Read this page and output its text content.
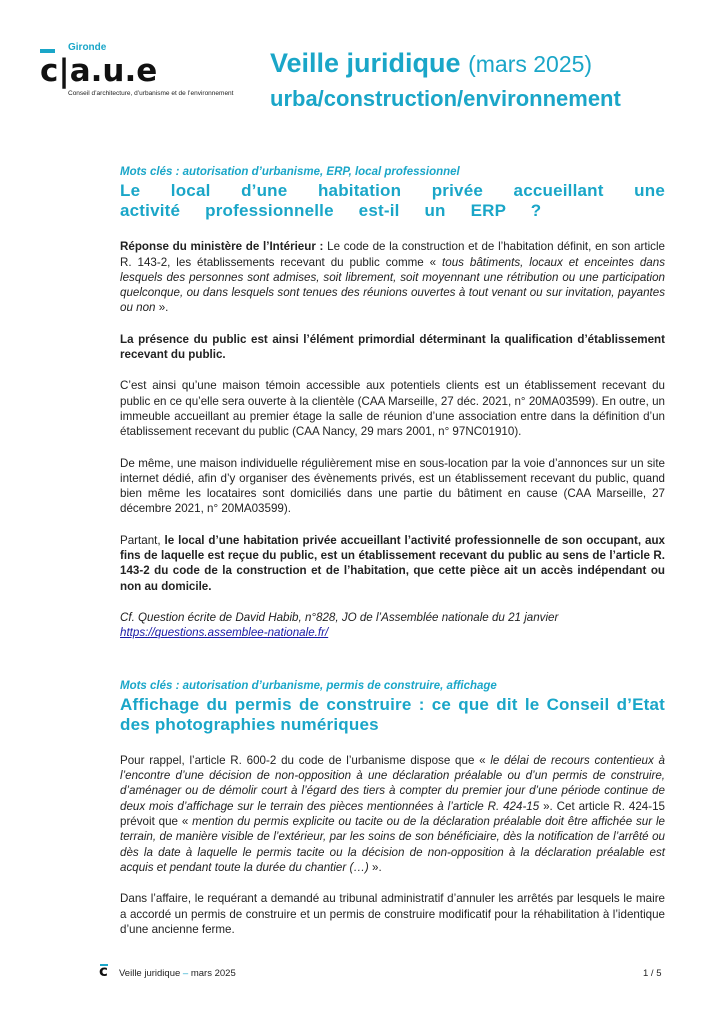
Gironde
c|a.u.e
Conseil d’architecture, d’urbanisme et de l’environnement
Veille juridique (mars 2025)
urba/construction/environnement

Mots clés : autorisation d’urbanisme, ERP, local professionnel

Le local d’une habitation privée accueillant une activité professionnelle est-il un ERP ?

Réponse du ministère de l’Intérieur : Le code de la construction et de l’habitation définit, en son article R. 143-2, les établissements recevant du public comme « tous bâtiments, locaux et enceintes dans lesquels des personnes sont admises, soit librement, soit moyennant une rétribution ou une participation quelconque, ou dans lesquels sont tenues des réunions ouvertes à tout venant ou sur invitation, payantes ou non ».

La présence du public est ainsi l’élément primordial déterminant la qualification d’établissement recevant du public.

C’est ainsi qu’une maison témoin accessible aux potentiels clients est un établissement recevant du public en ce qu’elle sera ouverte à la clientèle (CAA Marseille, 27 déc. 2021, n° 20MA03599). En outre, un immeuble accueillant au premier étage la salle de réunion d’une association entre dans la définition d’un établissement recevant du public (CAA Nancy, 29 mars 2001, n° 97NC01910).

De même, une maison individuelle régulièrement mise en sous-location par la voie d’annonces sur un site internet dédié, afin d’y organiser des évènements privés, est un établissement recevant du public, quand bien même les locataires sont domiciliés dans une partie du bâtiment en cause (CAA Marseille, 27 décembre 2021, n° 20MA03599).

Partant, le local d’une habitation privée accueillant l’activité professionnelle de son occupant, aux fins de laquelle est reçue du public, est un établissement recevant du public au sens de l’article R. 143-2 du code de la construction et de l’habitation, que cette pièce ait un accès indépendant ou non au domicile.

Cf. Question écrite de David Habib, n°828, JO de l’Assemblée nationale du 21 janvier
https://questions.assemblee-nationale.fr/

Mots clés : autorisation d’urbanisme, permis de construire, affichage

Affichage du permis de construire : ce que dit le Conseil d’Etat des photographies numériques

Pour rappel, l’article R. 600-2 du code de l’urbanisme dispose que « le délai de recours contentieux à l’encontre d’une décision de non-opposition à une déclaration préalable ou d’un permis de construire, d’aménager ou de démolir court à l’égard des tiers à compter du premier jour d’une période continue de deux mois d’affichage sur le terrain des pièces mentionnées à l’article R. 424-15 ». Cet article R. 424-15 prévoit que « mention du permis explicite ou tacite ou de la déclaration préalable doit être affichée sur le terrain, de manière visible de l’extérieur, par les soins de son bénéficiaire, dès la notification de l’arrêté ou dès la date à laquelle le permis tacite ou la décision de non-opposition à la déclaration préalable est acquis et pendant toute la durée du chantier (…) ».

Dans l’affaire, le requérant a demandé au tribunal administratif d’annuler les arrêtés par lesquels le maire a accordé un permis de construire et un permis de construire modificatif pour la réhabilitation à l’identique d’une ancienne ferme.

c Veille juridique – mars 2025	1 / 5
